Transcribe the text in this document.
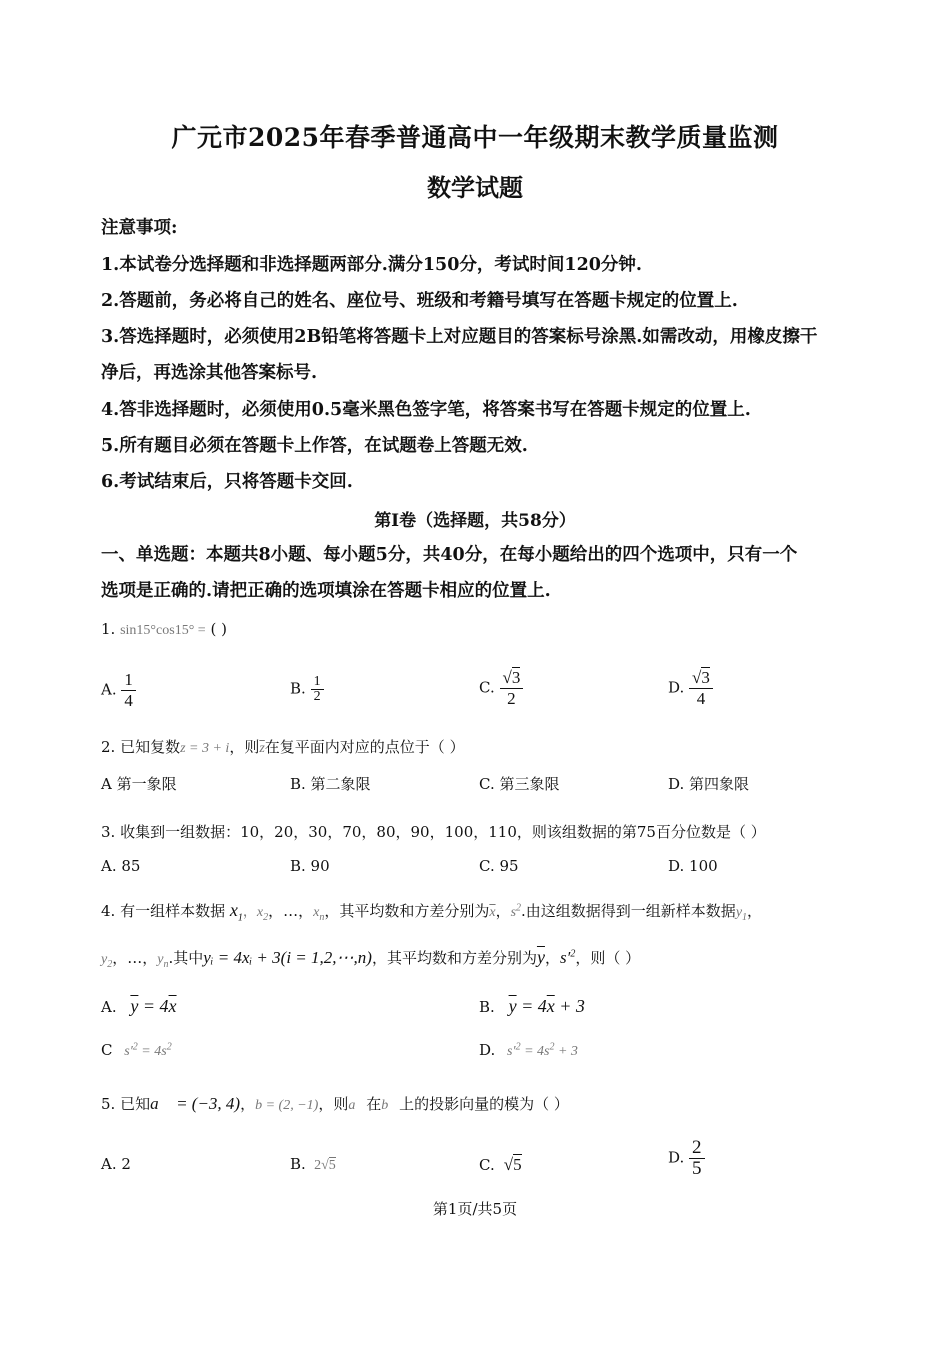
广元市2025年春季普通高中一年级期末教学质量监测
数学试题
注意事项:
1.本试卷分选择题和非选择题两部分.满分150分，考试时间120分钟.
2.答题前，务必将自己的姓名、座位号、班级和考籍号填写在答题卡规定的位置上.
3.答选择题时，必须使用2B铅笔将答题卡上对应题目的答案标号涂黑.如需改动，用橡皮擦干
净后，再选涂其他答案标号.
4.答非选择题时，必须使用0.5毫米黑色签字笔，将答案书写在答题卡规定的位置上.
5.所有题目必须在答题卡上作答，在试题卷上答题无效.
6.考试结束后，只将答题卡交回.
第Ⅰ卷（选择题，共58分）
一、单选题：本题共8小题、每小题5分，共40分，在每小题给出的四个选项中，只有一个
选项是正确的.请把正确的选项填涂在答题卡相应的位置上.
1. sin15°cos15° = ( )
A. $\frac{1}{4}$	B. $\frac{1}{2}$	C. $\frac{√3}{2}$	D. $\frac{√3}{4}$
2. 已知复数z = 3 + i，则$\overline{z}$在复平面内对应的点位于（ ）
A 第一象限	B. 第二象限	C. 第三象限	D. 第四象限
3. 收集到一组数据：10，20，30，70，80，90，100，110，则该组数据的第75百分位数是（ ）
A. 85	B. 90	C. 95	D. 100
4. 有一组样本数据 $x_1$，$x_2$，…，$x_n$，其平均数和方差分别为$\overline{x}$，$s^2$.由这组数据得到一组新样本数据$y_1$，
$y_2$，…，$y_n$.其中yᵢ = 4xᵢ + 3(i = 1,2,⋯,n)，其平均数和方差分别为$\overline{y}$，$s'^2$，则（ ）
A. $\overline{y} = 4\overline{x}$	B. $\overline{y} = 4\overline{x} + 3$
C   $s'^2 = 4s^2$	D.   $s'^2 = 4s^2 + 3$
5. 已知a⃗ = (−3, 4)，b = (2, −1)，则a⃗在b⃗上的投影向量的模为（ ）
A. 2	B. 2√5	C.  √5	D. $\frac{2}{5}$
第1页/共5页
